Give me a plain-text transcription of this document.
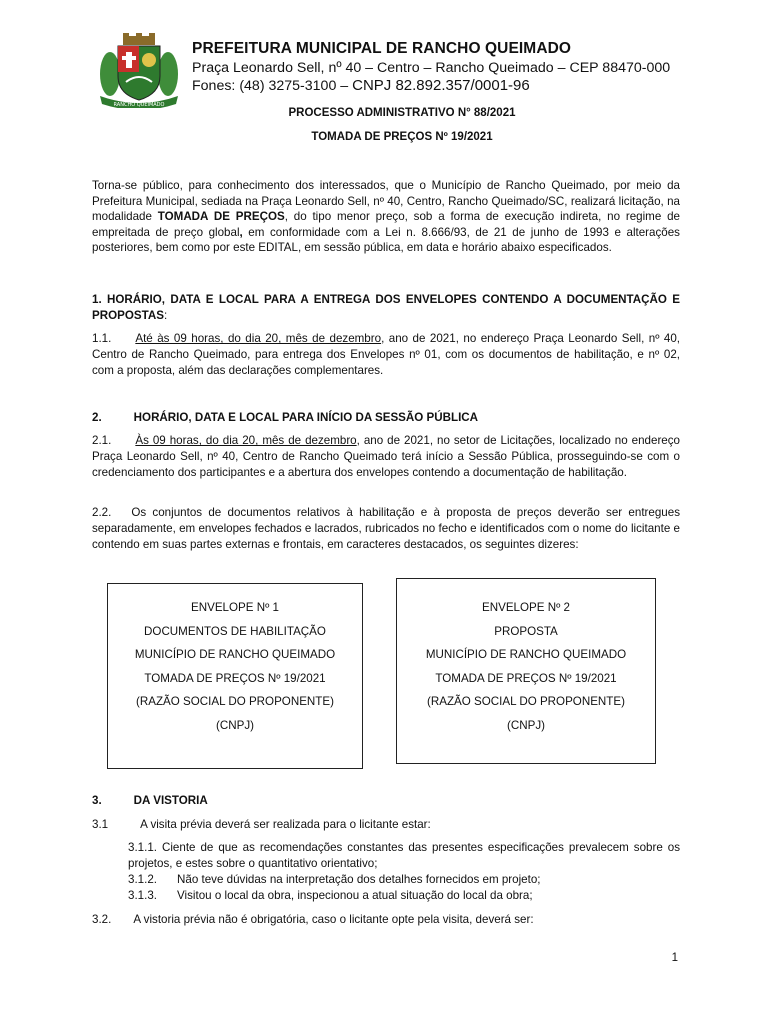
RANCHO QUEIMADO
PREFEITURA MUNICIPAL DE RANCHO QUEIMADO
Praça Leonardo Sell, nº 40 – Centro – Rancho Queimado – CEP 88470-000
Fones: (48) 3275-3100 – CNPJ 82.892.357/0001-96
PROCESSO ADMINISTRATIVO N° 88/2021
TOMADA DE PREÇOS Nº 19/2021

Torna-se público, para conhecimento dos interessados, que o Município de Rancho Queimado, por meio da Prefeitura Municipal, sediada na Praça Leonardo Sell, nº 40, Centro, Rancho Queimado/SC, realizará licitação, na modalidade TOMADA DE PREÇOS, do tipo menor preço, sob a forma de execução indireta, no regime de empreitada de preço global, em conformidade com a Lei n. 8.666/93, de 21 de junho de 1993 e alterações posteriores, bem como por este EDITAL, em sessão pública, em data e horário abaixo especificados.

1. HORÁRIO, DATA E LOCAL PARA A ENTREGA DOS ENVELOPES CONTENDO A DOCUMENTAÇÃO E PROPOSTAS:

1.1. Até às 09 horas, do dia 20, mês de dezembro, ano de 2021, no endereço Praça Leonardo Sell, nº 40, Centro de Rancho Queimado, para entrega dos Envelopes nº 01, com os documentos de habilitação, e nº 02, com a proposta, além das declarações complementares.

2.	HORÁRIO, DATA E LOCAL PARA INÍCIO DA SESSÃO PÚBLICA

2.1. Às 09 horas, do dia 20, mês de dezembro, ano de 2021, no setor de Licitações, localizado no endereço Praça Leonardo Sell, nº 40, Centro de Rancho Queimado terá início a Sessão Pública, prosseguindo-se com o credenciamento dos participantes e a abertura dos envelopes contendo a documentação de habilitação.

2.2. Os conjuntos de documentos relativos à habilitação e à proposta de preços deverão ser entregues separadamente, em envelopes fechados e lacrados, rubricados no fecho e identificados com o nome do licitante e contendo em suas partes externas e frontais, em caracteres destacados, os seguintes dizeres:

ENVELOPE Nº 1
DOCUMENTOS DE HABILITAÇÃO
MUNICÍPIO DE RANCHO QUEIMADO
TOMADA DE PREÇOS Nº 19/2021
(RAZÃO SOCIAL DO PROPONENTE)
(CNPJ)
ENVELOPE Nº 2
PROPOSTA
MUNICÍPIO DE RANCHO QUEIMADO
TOMADA DE PREÇOS Nº 19/2021
(RAZÃO SOCIAL DO PROPONENTE)
(CNPJ)

3.	DA VISTORIA

3.1	A visita prévia deverá ser realizada para o licitante estar:

3.1.1. Ciente de que as recomendações constantes das presentes especificações prevalecem sobre os projetos, e estes sobre o quantitativo orientativo;

3.1.2. Não teve dúvidas na interpretação dos detalhes fornecidos em projeto;

3.1.3. Visitou o local da obra, inspecionou a atual situação do local da obra;

3.2. A vistoria prévia não é obrigatória, caso o licitante opte pela visita, deverá ser:

1
